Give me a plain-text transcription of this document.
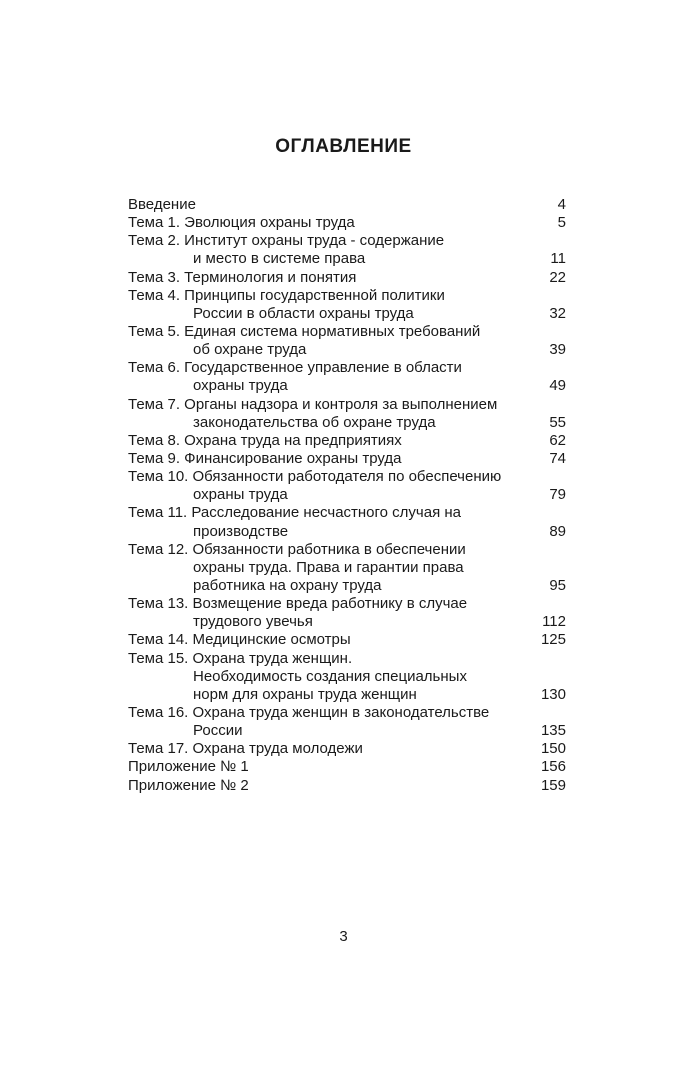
ОГЛАВЛЕНИЕ
Введение	4
Тема 1. Эволюция охраны труда	5
Тема 2. Институт охраны труда - содержание
и место в системе права	11
Тема 3. Терминология и понятия	22
Тема 4. Принципы государственной политики
России в области охраны труда	32
Тема 5. Единая система нормативных требований
об охране труда	39
Тема 6. Государственное управление в области
охраны труда	49
Тема 7. Органы надзора и контроля за выполнением
законодательства об охране труда	55
Тема 8. Охрана труда на предприятиях	62
Тема 9. Финансирование охраны труда	74
Тема 10. Обязанности работодателя по обеспечению
охраны труда	79
Тема 11. Расследование несчастного случая на
производстве	89
Тема 12. Обязанности работника в обеспечении
охраны труда. Права и гарантии права
работника на охрану труда	95
Тема 13. Возмещение вреда работнику в случае
трудового увечья	112
Тема 14. Медицинские осмотры	125
Тема 15. Охрана труда женщин.
Необходимость создания специальных
норм для охраны труда женщин	130
Тема 16. Охрана труда женщин в законодательстве
России	135
Тема 17. Охрана труда молодежи	150
Приложение № 1	156
Приложение № 2	159
3
